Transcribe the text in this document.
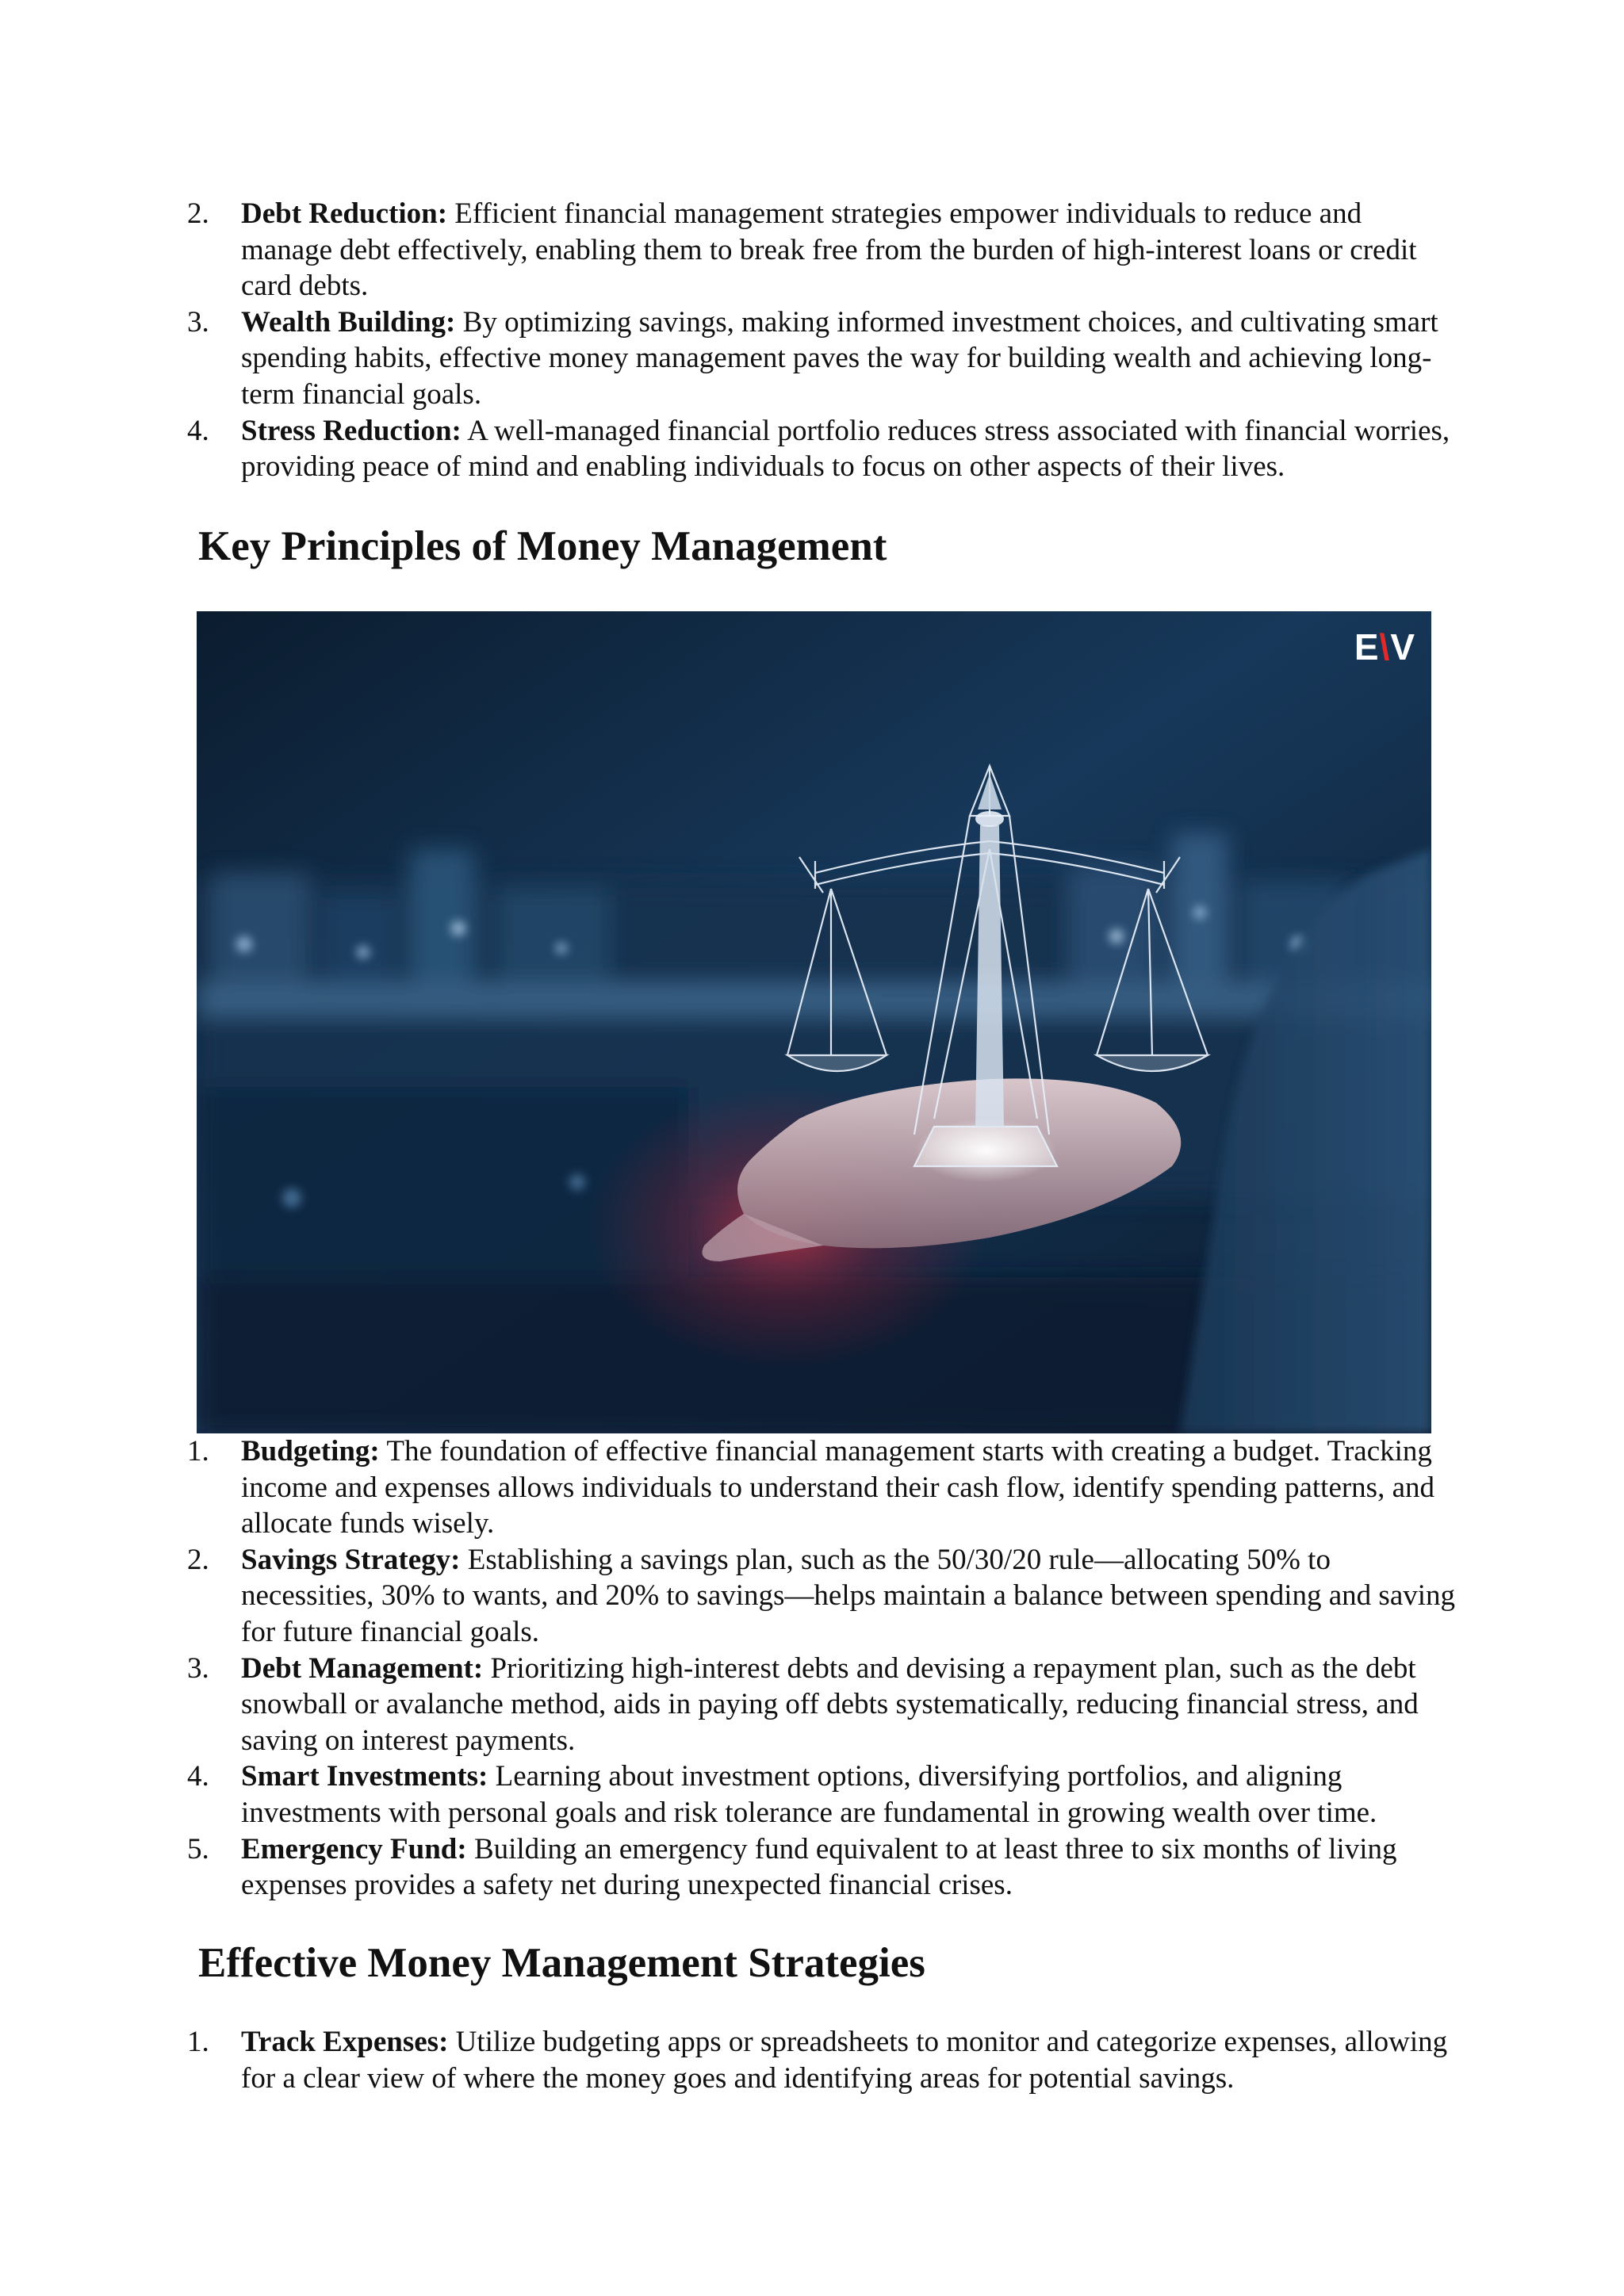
2. Debt Reduction: Efficient financial management strategies empower individuals to reduce and manage debt effectively, enabling them to break free from the burden of high-interest loans or credit card debts.
3. Wealth Building: By optimizing savings, making informed investment choices, and cultivating smart spending habits, effective money management paves the way for building wealth and achieving long-term financial goals.
4. Stress Reduction: A well-managed financial portfolio reduces stress associated with financial worries, providing peace of mind and enabling individuals to focus on other aspects of their lives.
Key Principles of Money Management
E\V
1. Budgeting: The foundation of effective financial management starts with creating a budget. Tracking income and expenses allows individuals to understand their cash flow, identify spending patterns, and allocate funds wisely.
2. Savings Strategy: Establishing a savings plan, such as the 50/30/20 rule—allocating 50% to necessities, 30% to wants, and 20% to savings—helps maintain a balance between spending and saving for future financial goals.
3. Debt Management: Prioritizing high-interest debts and devising a repayment plan, such as the debt snowball or avalanche method, aids in paying off debts systematically, reducing financial stress, and saving on interest payments.
4. Smart Investments: Learning about investment options, diversifying portfolios, and aligning investments with personal goals and risk tolerance are fundamental in growing wealth over time.
5. Emergency Fund: Building an emergency fund equivalent to at least three to six months of living expenses provides a safety net during unexpected financial crises.
Effective Money Management Strategies
1. Track Expenses: Utilize budgeting apps or spreadsheets to monitor and categorize expenses, allowing for a clear view of where the money goes and identifying areas for potential savings.
